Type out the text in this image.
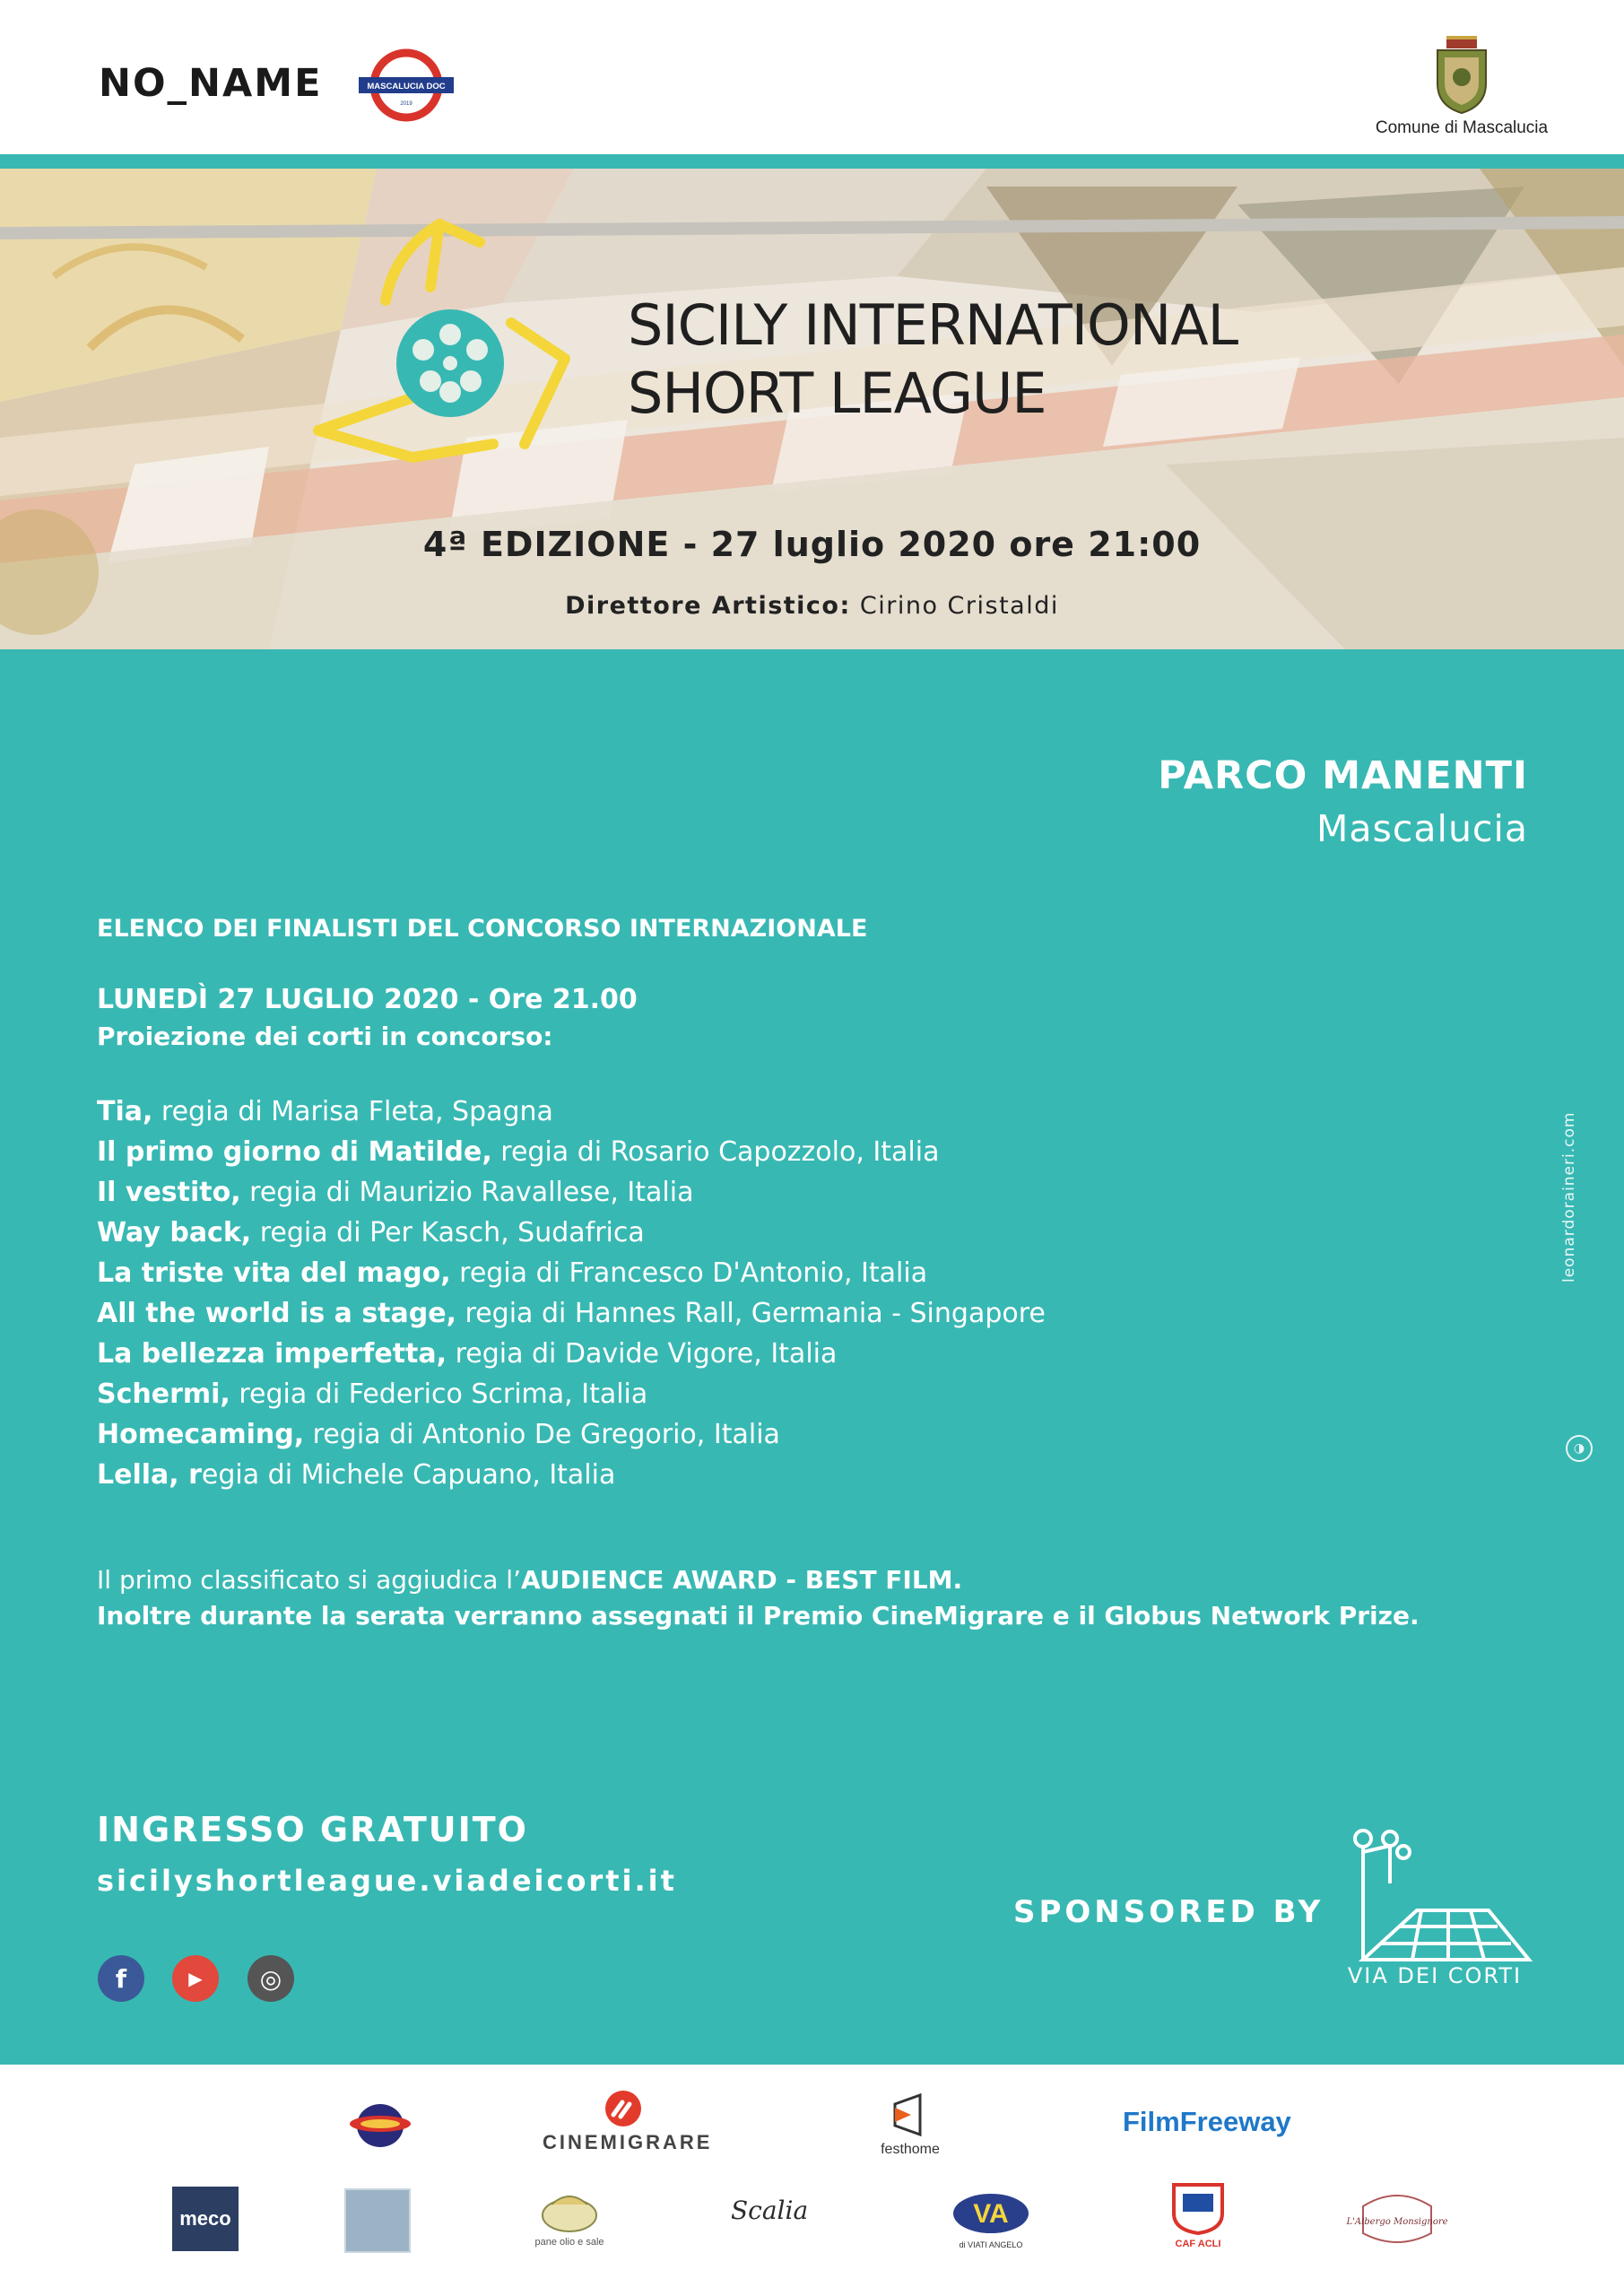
NO_NAME	MASCALUCIA DOC
2019
Comune di Mascalucia
SICILY INTERNATIONAL
SHORT LEAGUE
4ª EDIZIONE - 27 luglio 2020 ore 21:00
Direttore Artistico: Cirino Cristaldi
PARCO MANENTI
Mascalucia
ELENCO DEI FINALISTI DEL CONCORSO INTERNAZIONALE
LUNEDÌ 27 LUGLIO 2020 - Ore 21.00
Proiezione dei corti in concorso:
Tia, regia di Marisa Fleta, Spagna
Il primo giorno di Matilde, regia di Rosario Capozzolo, Italia
Il vestito, regia di Maurizio Ravallese, Italia
Way back, regia di Per Kasch, Sudafrica
La triste vita del mago, regia di Francesco D'Antonio, Italia
All the world is a stage, regia di Hannes Rall, Germania - Singapore
La bellezza imperfetta, regia di Davide Vigore, Italia
Schermi, regia di Federico Scrima, Italia
Homecaming, regia di Antonio De Gregorio, Italia
Lella, regia di Michele Capuano, Italia
Il primo classificato si aggiudica l’AUDIENCE AWARD - BEST FILM.
Inoltre durante la serata verranno assegnati il Premio CineMigrare e il Globus Network Prize.
INGRESSO GRATUITO
sicilyshortleague.viadeicorti.it
f	▶	◎
SPONSORED BY
VIA DEI CORTI
leonardoraineri.com
◑
CINEMIGRARE	festhome
FilmFreeway
meco
pane olio e sale
Scalia	VA
di VIATI ANGELO	CAF ACLI
L'Albergo Monsignore
